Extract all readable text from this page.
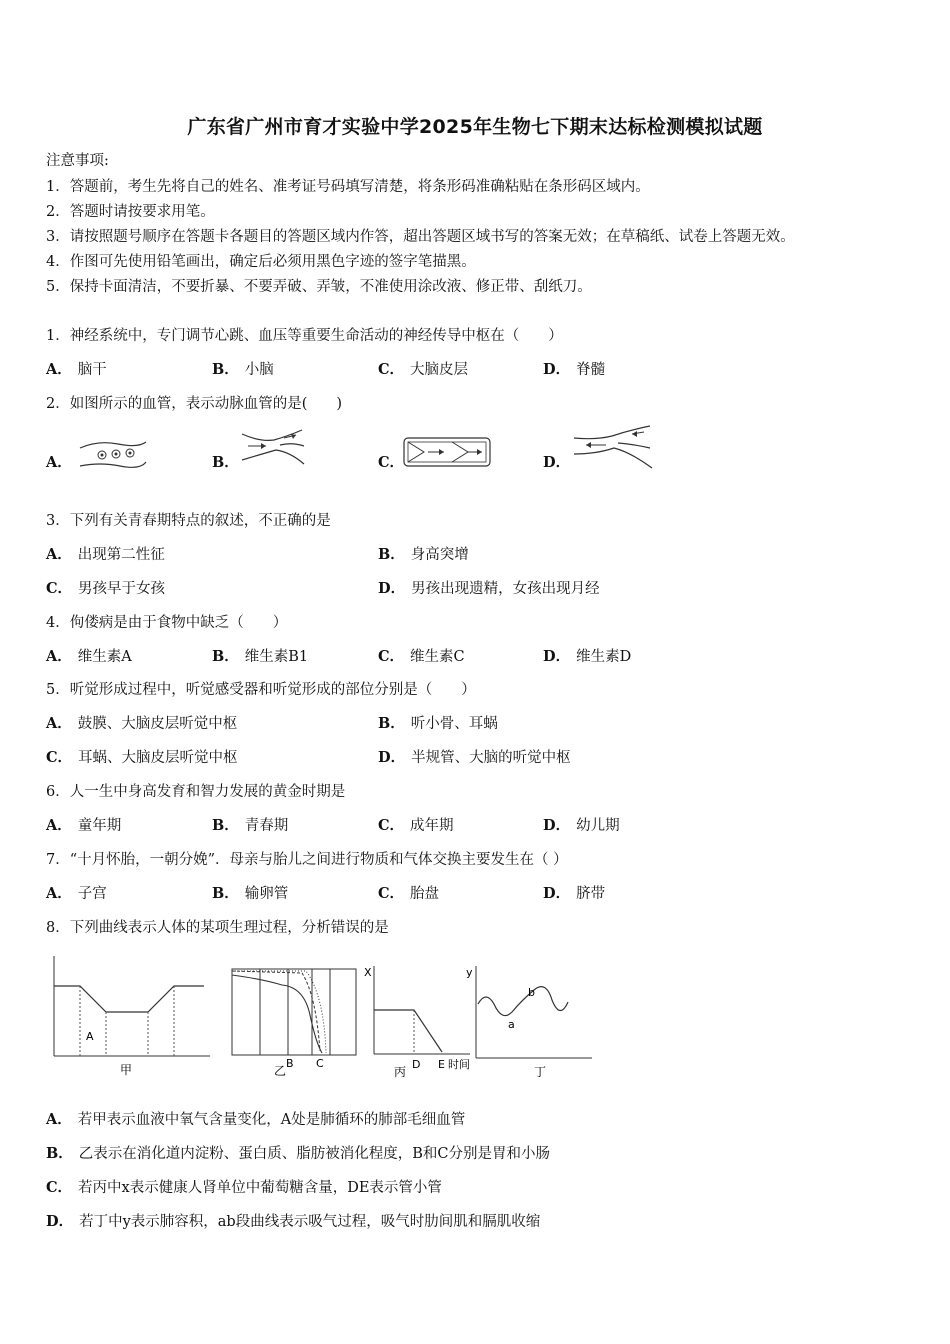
广东省广州市育才实验中学2025年生物七下期末达标检测模拟试题
注意事项:
1．答题前，考生先将自己的姓名、准考证号码填写清楚，将条形码准确粘贴在条形码区域内。
2．答题时请按要求用笔。
3．请按照题号顺序在答题卡各题目的答题区域内作答，超出答题区域书写的答案无效；在草稿纸、试卷上答题无效。
4．作图可先使用铅笔画出，确定后必须用黑色字迹的签字笔描黑。
5．保持卡面清洁，不要折暴、不要弄破、弄皱，不准使用涂改液、修正带、刮纸刀。
1．神经系统中，专门调节心跳、血压等重要生命活动的神经传导中枢在（　　）
A． 脑干	B． 小脑	C． 大脑皮层	D． 脊髓
2．如图所示的血管，表示动脉血管的是(　　)
A．	B．	C．	D．
3．下列有关青春期特点的叙述，不正确的是
A． 出现第二性征	B． 身高突增
C． 男孩早于女孩	D． 男孩出现遗精，女孩出现月经
4．佝偻病是由于食物中缺乏（　　）
A． 维生素A	B． 维生素B1	C． 维生素C	D． 维生素D
5．听觉形成过程中，听觉感受器和听觉形成的部位分别是（　　）
A． 鼓膜、大脑皮层听觉中枢	B． 听小骨、耳蜗
C． 耳蜗、大脑皮层听觉中枢	D． 半规管、大脑的听觉中枢
6．人一生中身高发育和智力发展的黄金时期是
A． 童年期	B． 青春期	C． 成年期	D． 幼儿期
7．“十月怀胎，一朝分娩”．母亲与胎儿之间进行物质和气体交换主要发生在（ ）
A． 子宫	B． 输卵管	C． 胎盘	D． 脐带
8．下列曲线表示人体的某项生理过程，分析错误的是
A
甲	B C
乙
X
D E 时间
丙
y
a
b
丁
A． 若甲表示血液中氧气含量变化，A处是肺循环的肺部毛细血管
B． 乙表示在消化道内淀粉、蛋白质、脂肪被消化程度，B和C分别是胃和小肠
C． 若丙中x表示健康人肾单位中葡萄糖含量，DE表示管小管
D． 若丁中y表示肺容积，ab段曲线表示吸气过程，吸气时肋间肌和膈肌收缩
